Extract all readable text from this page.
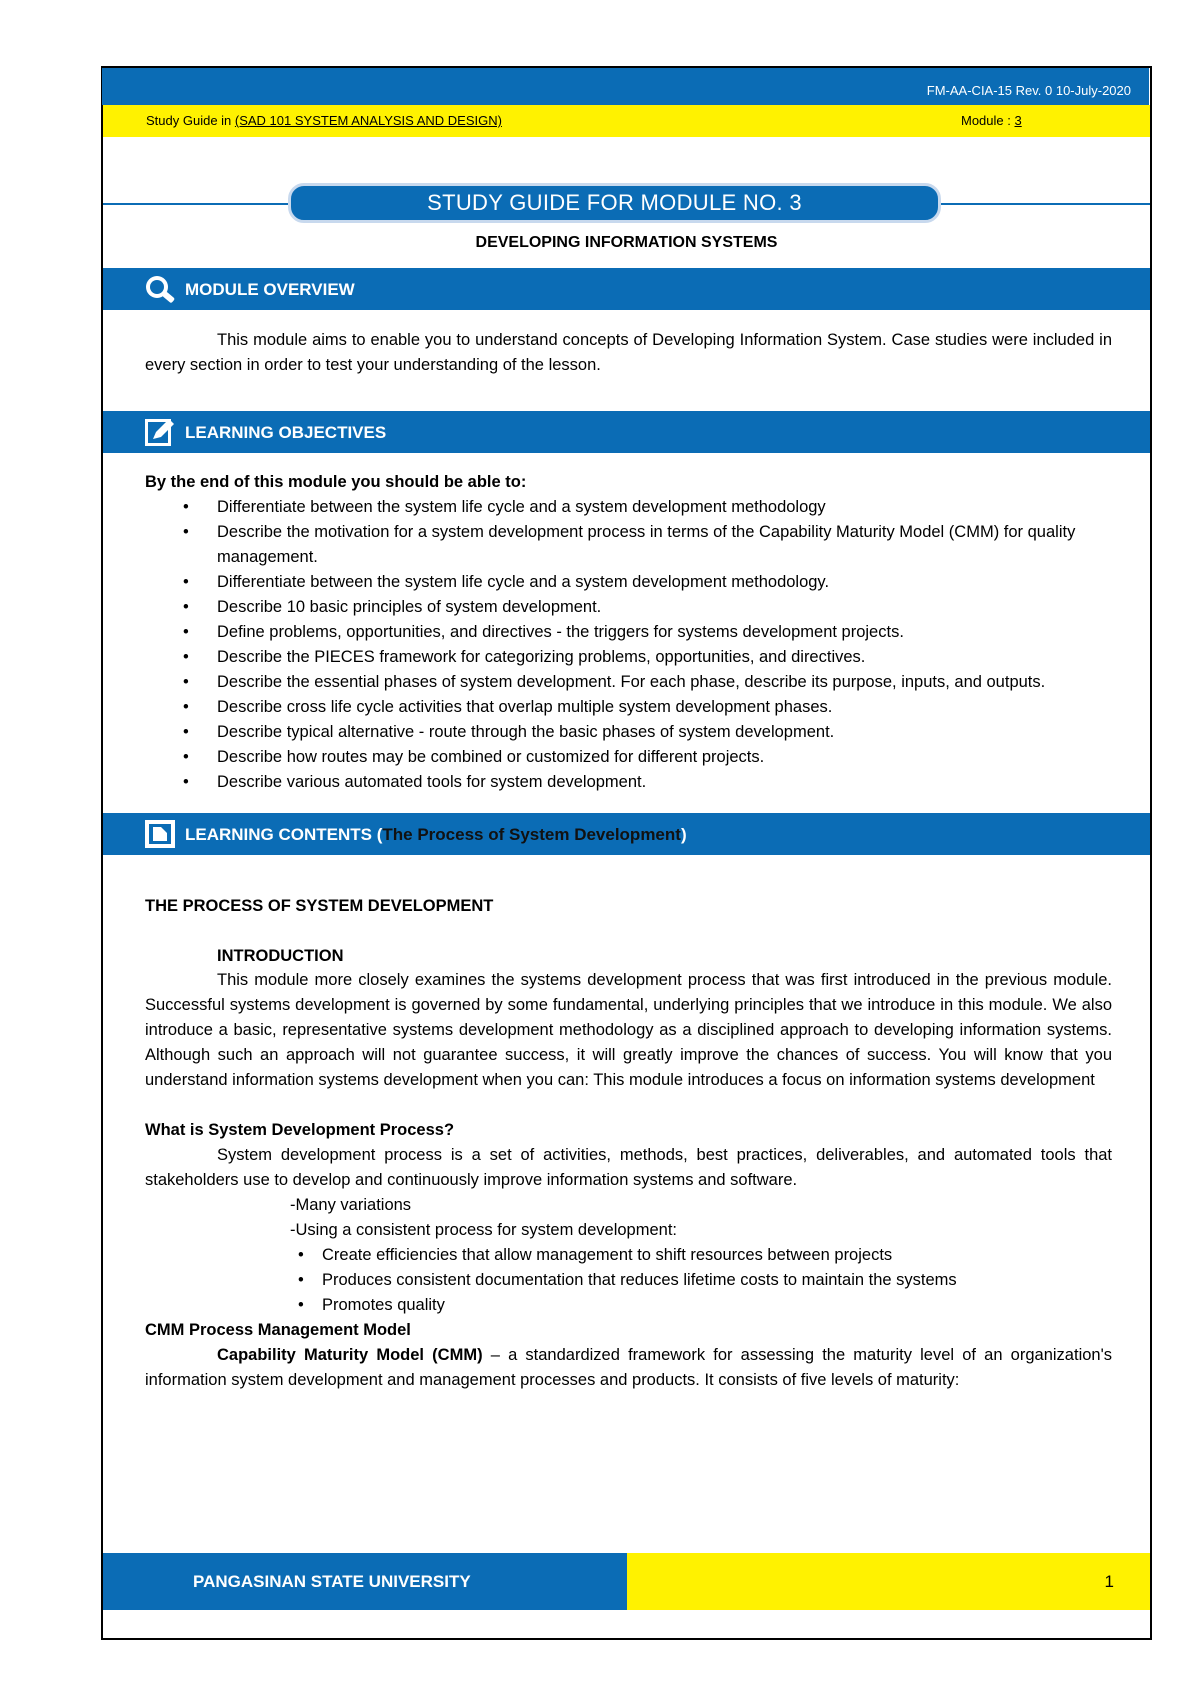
FM-AA-CIA-15 Rev. 0 10-July-2020
Study Guide in (SAD 101 SYSTEM ANALYSIS AND DESIGN)	Module : 3
STUDY GUIDE FOR MODULE NO. 3
DEVELOPING INFORMATION SYSTEMS
MODULE OVERVIEW
This module aims to enable you to understand concepts of Developing Information System. Case studies were included in every section in order to test your understanding of the lesson.
LEARNING OBJECTIVES
By the end of this module you should be able to:
• Differentiate between the system life cycle and a system development methodology
• Describe the motivation for a system development process in terms of the Capability Maturity Model (CMM) for quality management.
• Differentiate between the system life cycle and a system development methodology.
• Describe 10 basic principles of system development.
• Define problems, opportunities, and directives - the triggers for systems development projects.
• Describe the PIECES framework for categorizing problems, opportunities, and directives.
• Describe the essential phases of system development. For each phase, describe its purpose, inputs, and outputs.
• Describe cross life cycle activities that overlap multiple system development phases.
• Describe typical alternative - route through the basic phases of system development.
• Describe how routes may be combined or customized for different projects.
• Describe various automated tools for system development.
LEARNING CONTENTS (The Process of System Development)
THE PROCESS OF SYSTEM DEVELOPMENT
INTRODUCTION
This module more closely examines the systems development process that was first introduced in the previous module. Successful systems development is governed by some fundamental, underlying principles that we introduce in this module. We also introduce a basic, representative systems development methodology as a disciplined approach to developing information systems. Although such an approach will not guarantee success, it will greatly improve the chances of success. You will know that you understand information systems development when you can: This module introduces a focus on information systems development
What is System Development Process?
System development process is a set of activities, methods, best practices, deliverables, and automated tools that stakeholders use to develop and continuously improve information systems and software.
-Many variations
-Using a consistent process for system development:
• Create efficiencies that allow management to shift resources between projects
• Produces consistent documentation that reduces lifetime costs to maintain the systems
• Promotes quality
CMM Process Management Model
Capability Maturity Model (CMM) – a standardized framework for assessing the maturity level of an organization's information system development and management processes and products. It consists of five levels of maturity:
PANGASINAN STATE UNIVERSITY	1
